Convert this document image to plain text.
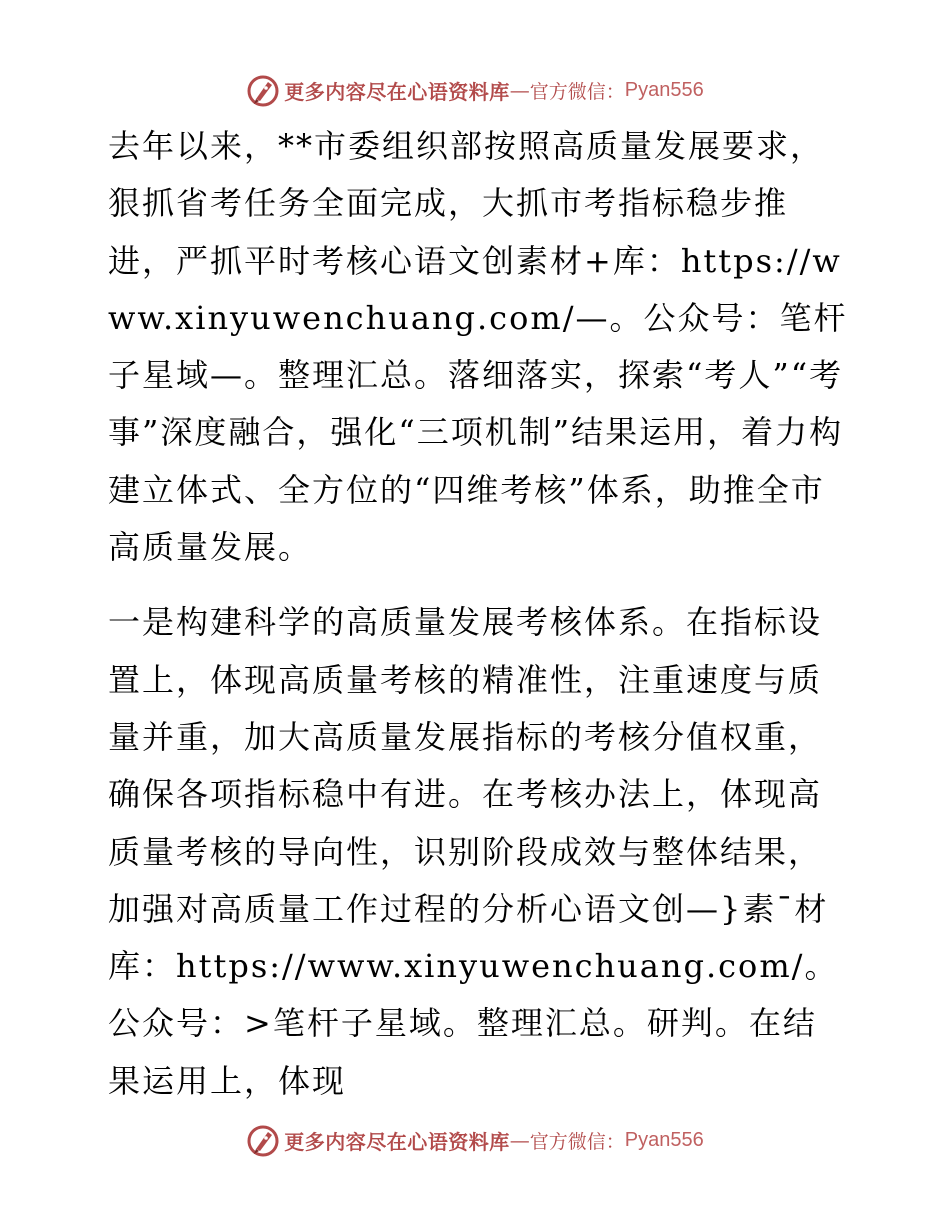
更多内容尽在心语资料库 — 官方微信： Pyan556

去年以来，**市委组织部按照高质量发展要求，狠抓省考任务全面完成，大抓市考指标稳步推进，严抓平时考核心语文创素材+库：https://www.xinyuwenchuang.com/—。公众号：笔杆子星域—。整理汇总。落细落实，探索“考人”“考事”深度融合，强化“三项机制”结果运用，着力构建立体式、全方位的“四维考核”体系，助推全市高质量发展。

一是构建科学的高质量发展考核体系。在指标设置上，体现高质量考核的精准性，注重速度与质量并重，加大高质量发展指标的考核分值权重，确保各项指标稳中有进。在考核办法上，体现高质量考核的导向性，识别阶段成效与整体结果，加强对高质量工作过程的分析心语文创—}素¯材库：https://www.xinyuwenchuang.com/。公众号：>笔杆子星域。整理汇总。研判。在结果运用上，体现

更多内容尽在心语资料库 — 官方微信： Pyan556
